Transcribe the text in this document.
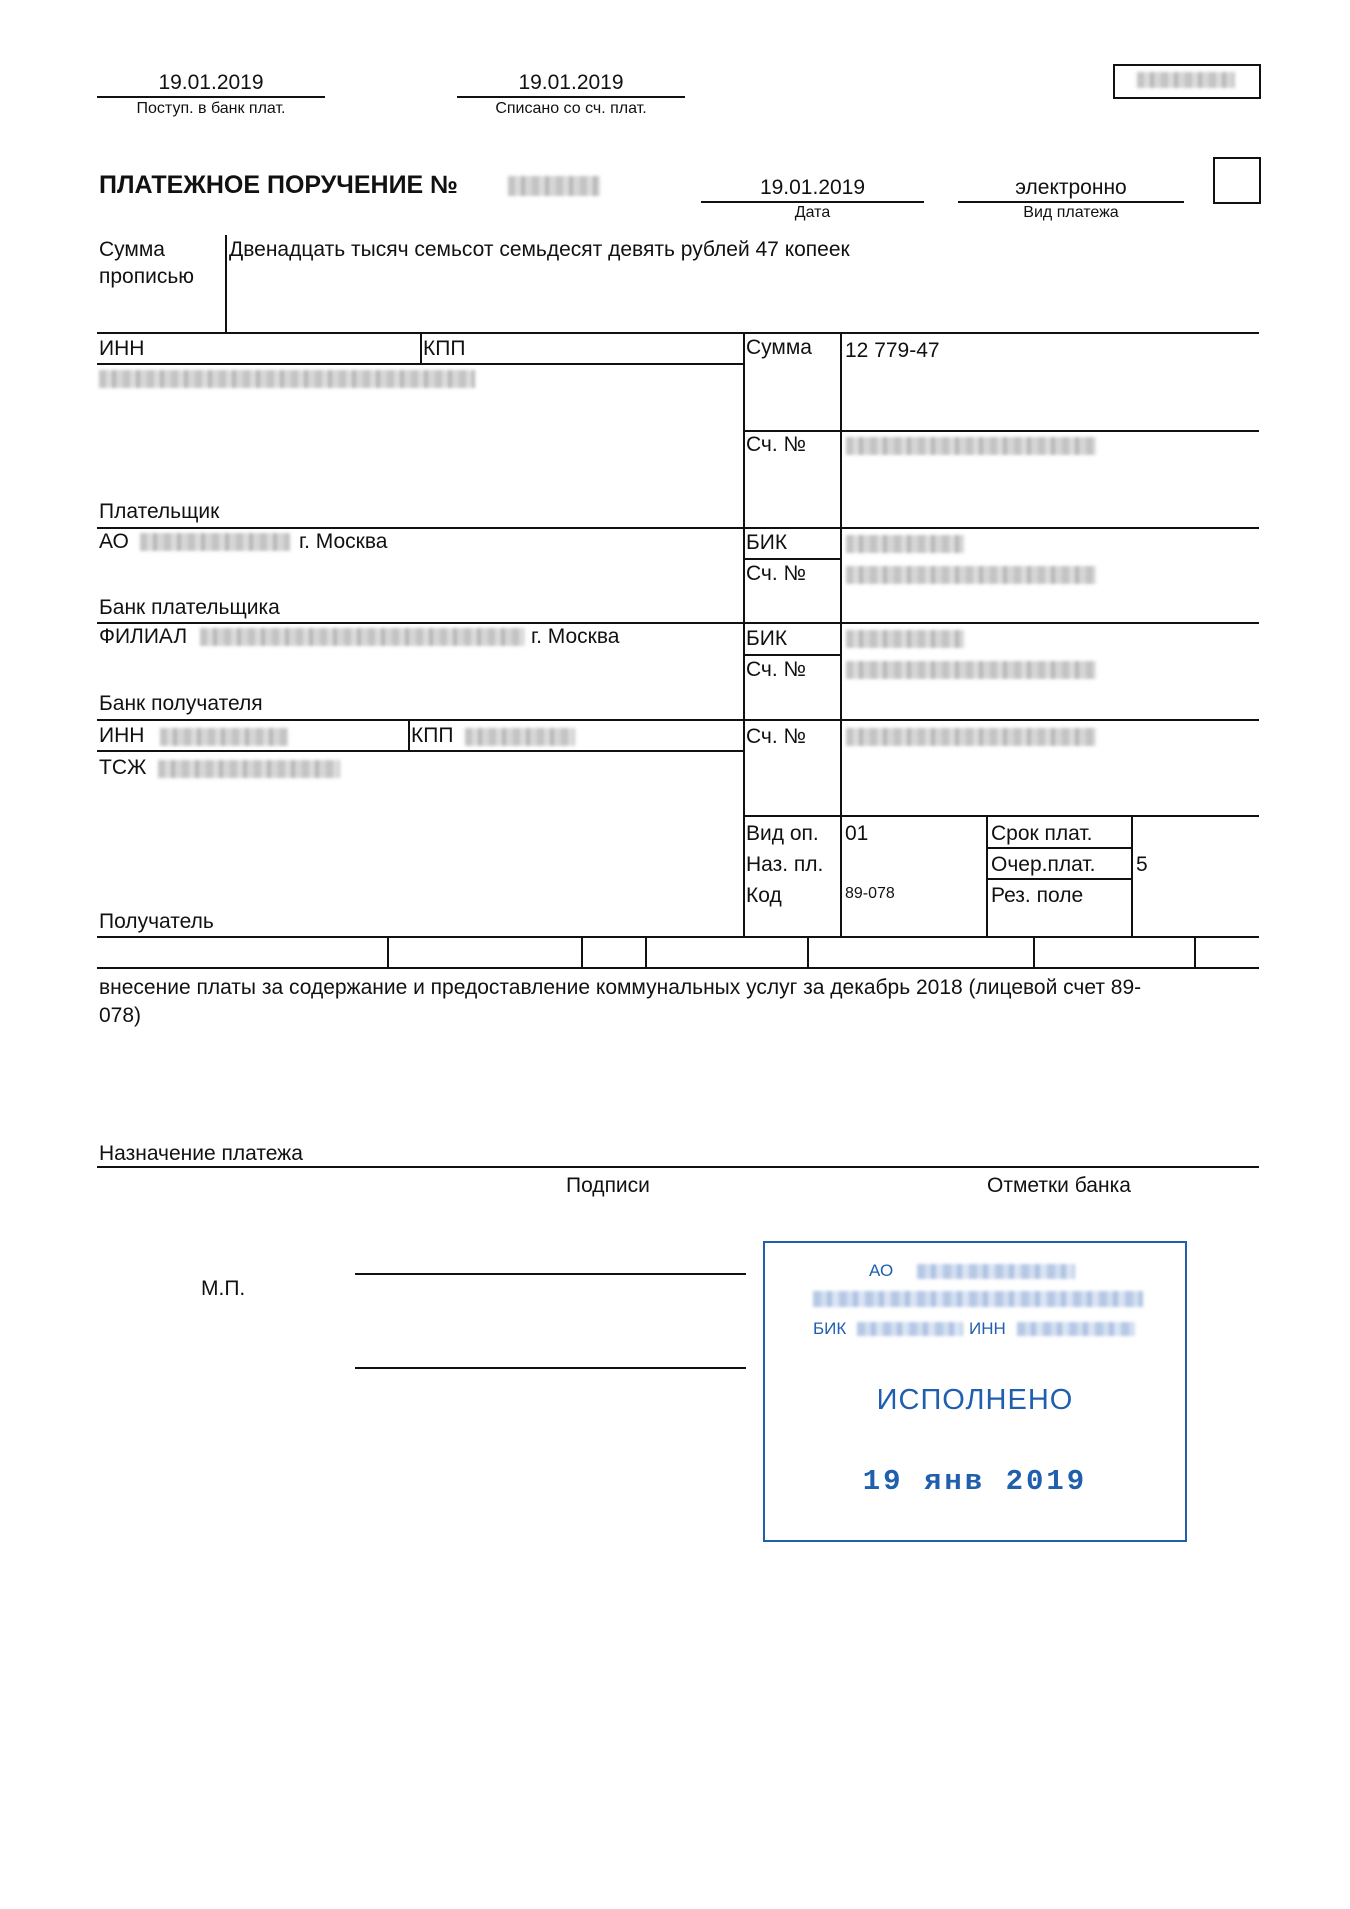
19.01.2019
Поступ. в банк плат.
19.01.2019
Списано со сч. плат.
ПЛАТЕЖНОЕ ПОРУЧЕНИЕ №	19.01.2019
Дата
электронно
Вид платежа
Сумма
прописью
Двенадцать тысяч семьсот семьдесят девять рублей 47 копеек
ИНН	КПП
Плательщик
АО	г. Москва
Банк плательщика
ФИЛИАЛ	г. Москва
Банк получателя
ИНН	КПП
ТСЖ
Получатель
Сумма 12 779-47
Сч. №
БИК
Сч. №
БИК
Сч. №
Сч. №
Вид оп. 01
Наз. пл.
Код	89-078
Срок плат.
Очер.плат. 5
Рез. поле
внесение платы за содержание и предоставление коммунальных услуг за декабрь 2018 (лицевой счет 89-
078)
Назначение платежа
Подписи	Отметки банка
М.П.
АО
БИК	ИНН
ИСПОЛНЕНО
19 янв 2019
